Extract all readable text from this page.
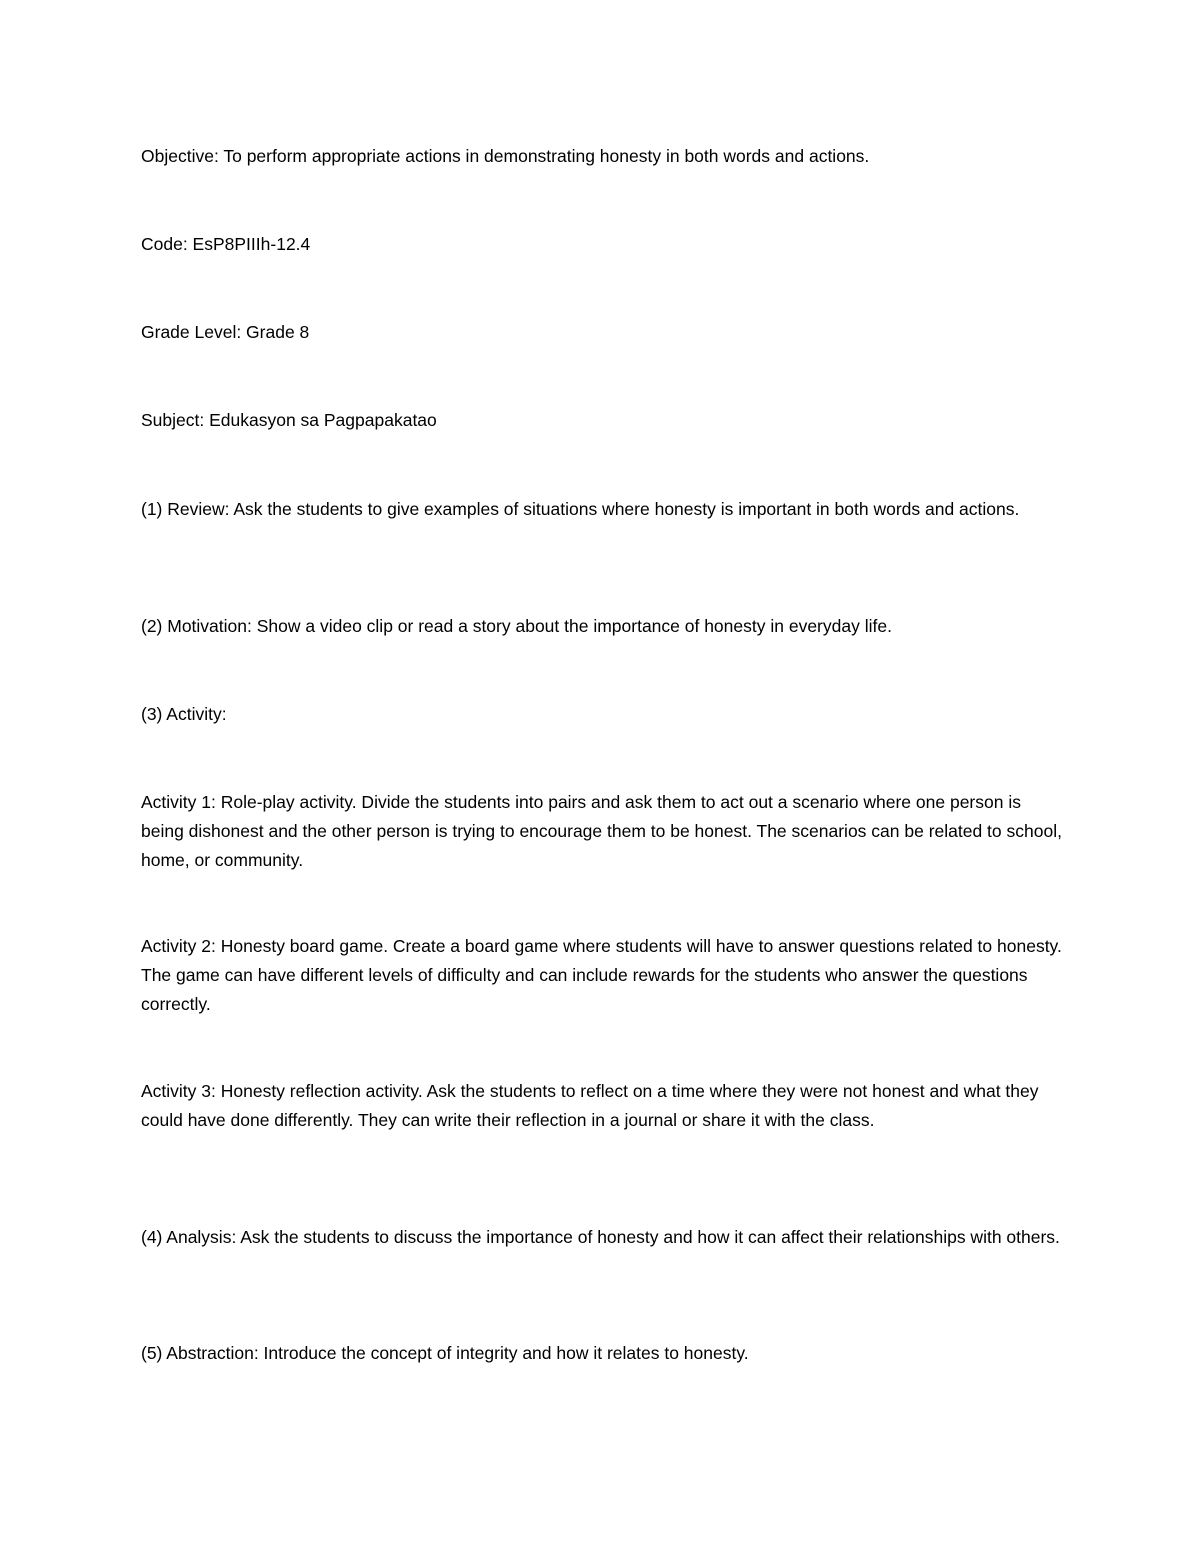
Objective: To perform appropriate actions in demonstrating honesty in both words and actions.

Code: EsP8PIIIh-12.4

Grade Level: Grade 8

Subject: Edukasyon sa Pagpapakatao

(1) Review: Ask the students to give examples of situations where honesty is important in both words and actions.

(2) Motivation: Show a video clip or read a story about the importance of honesty in everyday life.

(3) Activity:

Activity 1: Role-play activity. Divide the students into pairs and ask them to act out a scenario where one person is being dishonest and the other person is trying to encourage them to be honest. The scenarios can be related to school, home, or community.

Activity 2: Honesty board game. Create a board game where students will have to answer questions related to honesty. The game can have different levels of difficulty and can include rewards for the students who answer the questions correctly.

Activity 3: Honesty reflection activity. Ask the students to reflect on a time where they were not honest and what they could have done differently. They can write their reflection in a journal or share it with the class.

(4) Analysis: Ask the students to discuss the importance of honesty and how it can affect their relationships with others.

(5) Abstraction: Introduce the concept of integrity and how it relates to honesty.
